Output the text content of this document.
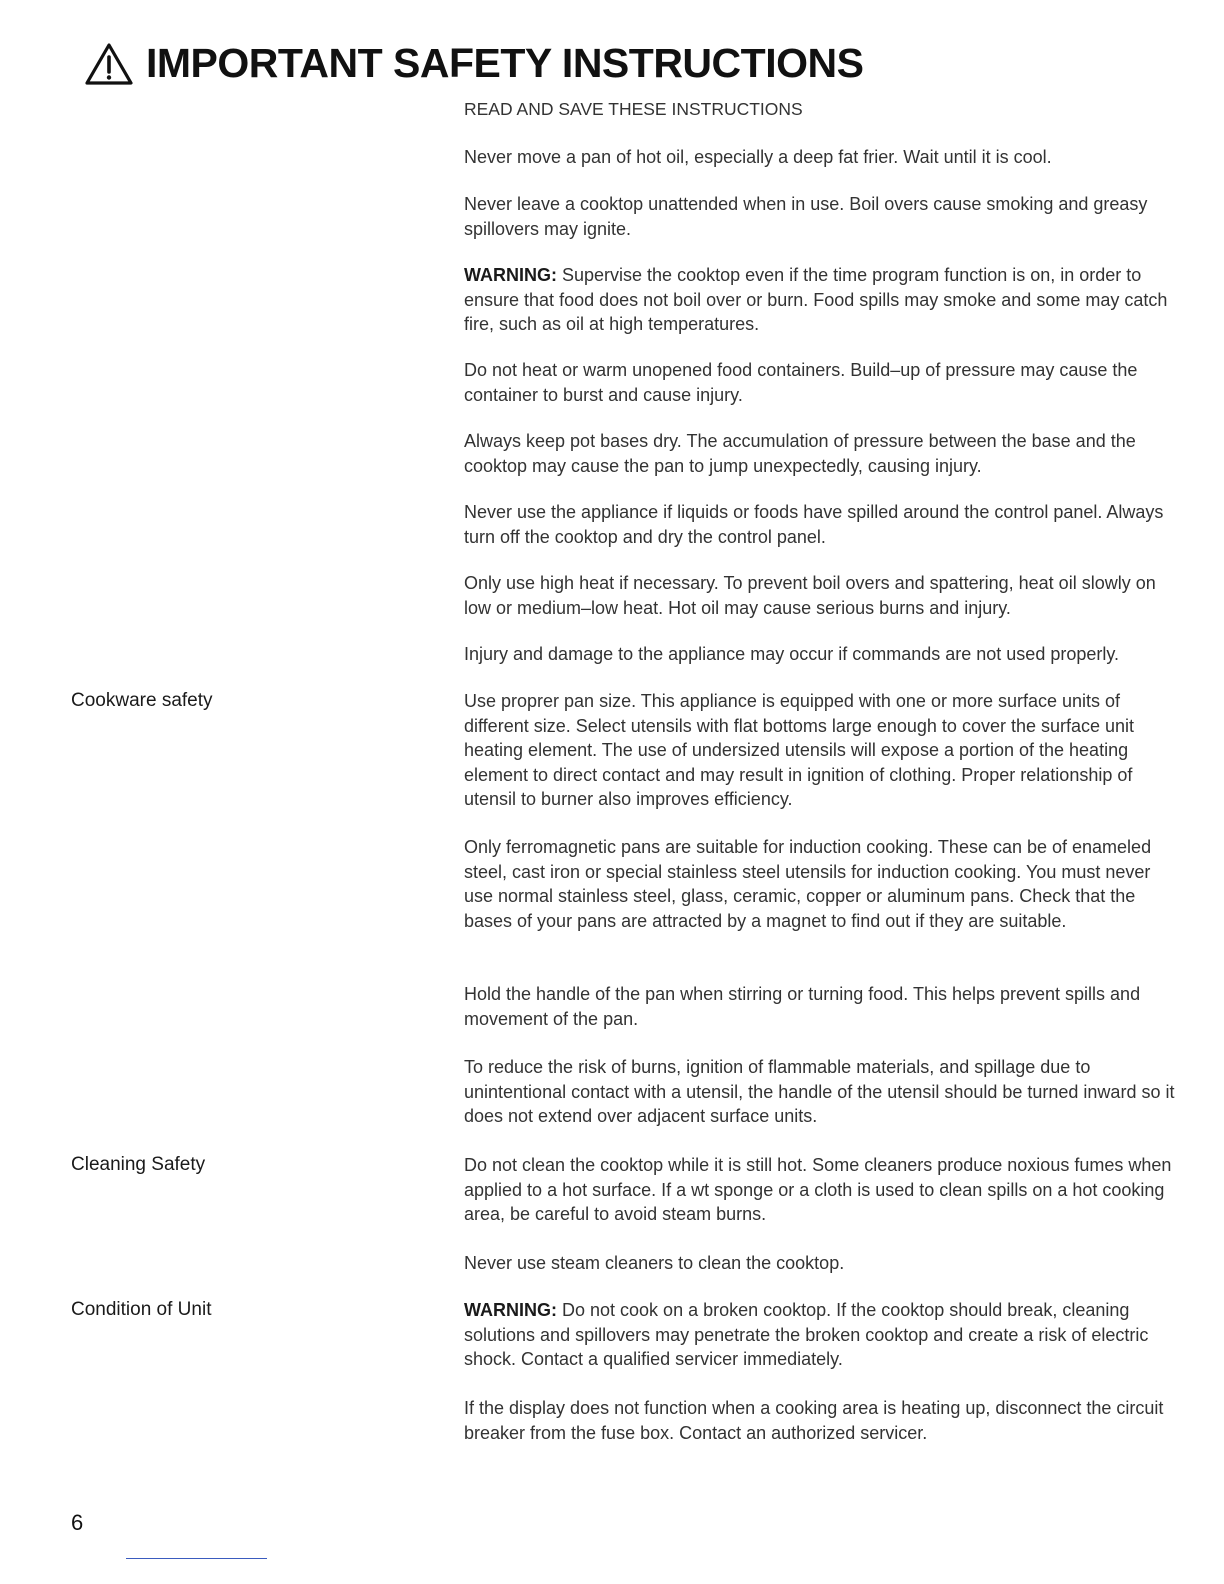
IMPORTANT SAFETY INSTRUCTIONS
READ AND SAVE THESE INSTRUCTIONS

Never move a pan of hot oil, especially a deep fat frier. Wait until it is cool.

Never leave a cooktop unattended when in use. Boil overs cause smoking and greasy spillovers may ignite.

WARNING: Supervise the cooktop even if the time program function is on, in order to ensure that food does not boil over or burn. Food spills may smoke and some may catch fire, such as oil at high temperatures.

Do not heat or warm unopened food containers. Build–up of pressure may cause the container to burst and cause injury.

Always keep pot bases dry. The accumulation of pressure between the base and the cooktop may cause the pan to jump unexpectedly, causing injury.

Never use the appliance if liquids or foods have spilled around the control panel. Always turn off the cooktop and dry the control panel.

Only use high heat if necessary. To prevent boil overs and spattering, heat oil slowly on low or medium–low heat. Hot oil may cause serious burns and injury.

Injury and damage to the appliance may occur if commands are not used properly.

Cookware safety	Use proprer pan size. This appliance is equipped with one or more surface units of different size. Select utensils with flat bottoms large enough to cover the surface unit heating element. The use of undersized utensils will expose a portion of the heating element to direct contact and may result in ignition of clothing. Proper relationship of utensil to burner also improves efficiency.

Only ferromagnetic pans are suitable for induction cooking. These can be of enameled steel, cast iron or special stainless steel utensils for induction cooking. You must never use normal stainless steel, glass, ceramic, copper or aluminum pans. Check that the bases of your pans are attracted by a magnet to find out if they are suitable.

Hold the handle of the pan when stirring or turning food. This helps prevent spills and movement of the pan.

To reduce the risk of burns, ignition of flammable materials, and spillage due to unintentional contact with a utensil, the handle of the utensil should be turned inward so it does not extend over adjacent surface units.

Cleaning Safety	Do not clean the cooktop while it is still hot. Some cleaners produce noxious fumes when applied to a hot surface. If a wt sponge or a cloth is used to clean spills on a hot cooking area, be careful to avoid steam burns.

Never use steam cleaners to clean the cooktop.

Condition of Unit	WARNING: Do not cook on a broken cooktop. If the cooktop should break, cleaning solutions and spillovers may penetrate the broken cooktop and create a risk of electric shock. Contact a qualified servicer immediately.

If the display does not function when a cooking area is heating up, disconnect the circuit breaker from the fuse box. Contact an authorized servicer.

6
